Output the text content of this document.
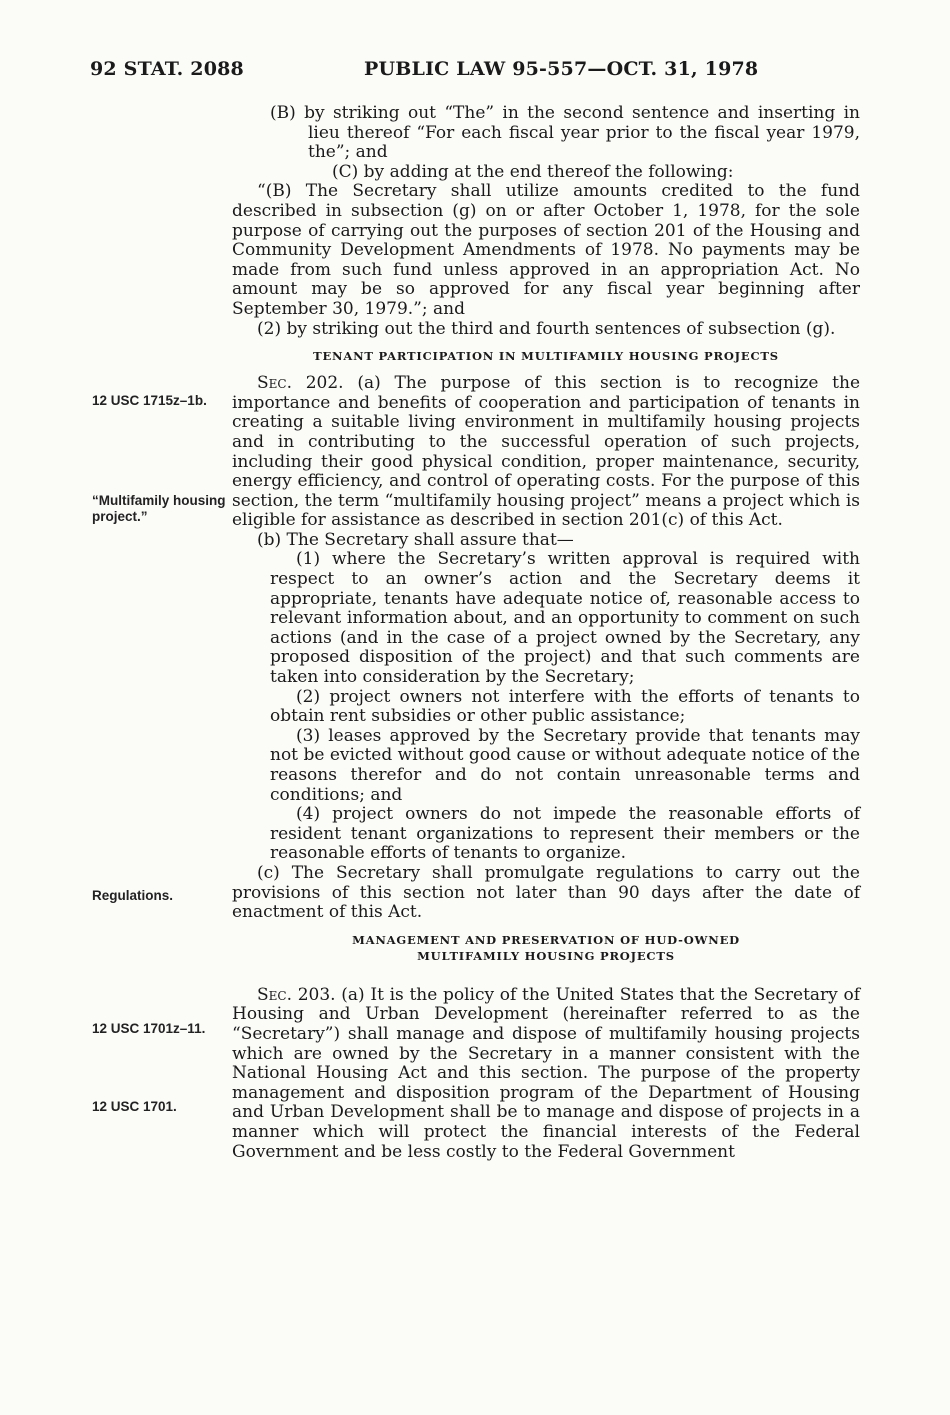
92 STAT. 2088	PUBLIC LAW 95-557—OCT. 31, 1978
12 USC 1715z–1b.
“Multifamily housing project.”
Regulations.
12 USC 1701z–11.
12 USC 1701.

(B) by striking out “The” in the second sentence and inserting in lieu thereof “For each fiscal year prior to the fiscal year 1979, the”; and

(C) by adding at the end thereof the following:

“(B) The Secretary shall utilize amounts credited to the fund described in subsection (g) on or after October 1, 1978, for the sole purpose of carrying out the purposes of section 201 of the Housing and Community Development Amendments of 1978. No payments may be made from such fund unless approved in an appropriation Act. No amount may be so approved for any fiscal year beginning after September 30, 1979.”; and

(2) by striking out the third and fourth sentences of subsection (g).

TENANT PARTICIPATION IN MULTIFAMILY HOUSING PROJECTS

Sec. 202. (a) The purpose of this section is to recognize the importance and benefits of cooperation and participation of tenants in creating a suitable living environment in multifamily housing projects and in contributing to the successful operation of such projects, including their good physical condition, proper maintenance, security, energy efficiency, and control of operating costs. For the purpose of this section, the term “multifamily housing project” means a project which is eligible for assistance as described in section 201(c) of this Act.

(b) The Secretary shall assure that—

(1) where the Secretary’s written approval is required with respect to an owner’s action and the Secretary deems it appropriate, tenants have adequate notice of, reasonable access to relevant information about, and an opportunity to comment on such actions (and in the case of a project owned by the Secretary, any proposed disposition of the project) and that such comments are taken into consideration by the Secretary;

(2) project owners not interfere with the efforts of tenants to obtain rent subsidies or other public assistance;

(3) leases approved by the Secretary provide that tenants may not be evicted without good cause or without adequate notice of the reasons therefor and do not contain unreasonable terms and conditions; and

(4) project owners do not impede the reasonable efforts of resident tenant organizations to represent their members or the reasonable efforts of tenants to organize.

(c) The Secretary shall promulgate regulations to carry out the provisions of this section not later than 90 days after the date of enactment of this Act.

MANAGEMENT AND PRESERVATION OF HUD-OWNED
MULTIFAMILY HOUSING PROJECTS

Sec. 203. (a) It is the policy of the United States that the Secretary of Housing and Urban Development (hereinafter referred to as the “Secretary”) shall manage and dispose of multifamily housing projects which are owned by the Secretary in a manner consistent with the National Housing Act and this section. The purpose of the property management and disposition program of the Department of Housing and Urban Development shall be to manage and dispose of projects in a manner which will protect the financial interests of the Federal Government and be less costly to the Federal Government
